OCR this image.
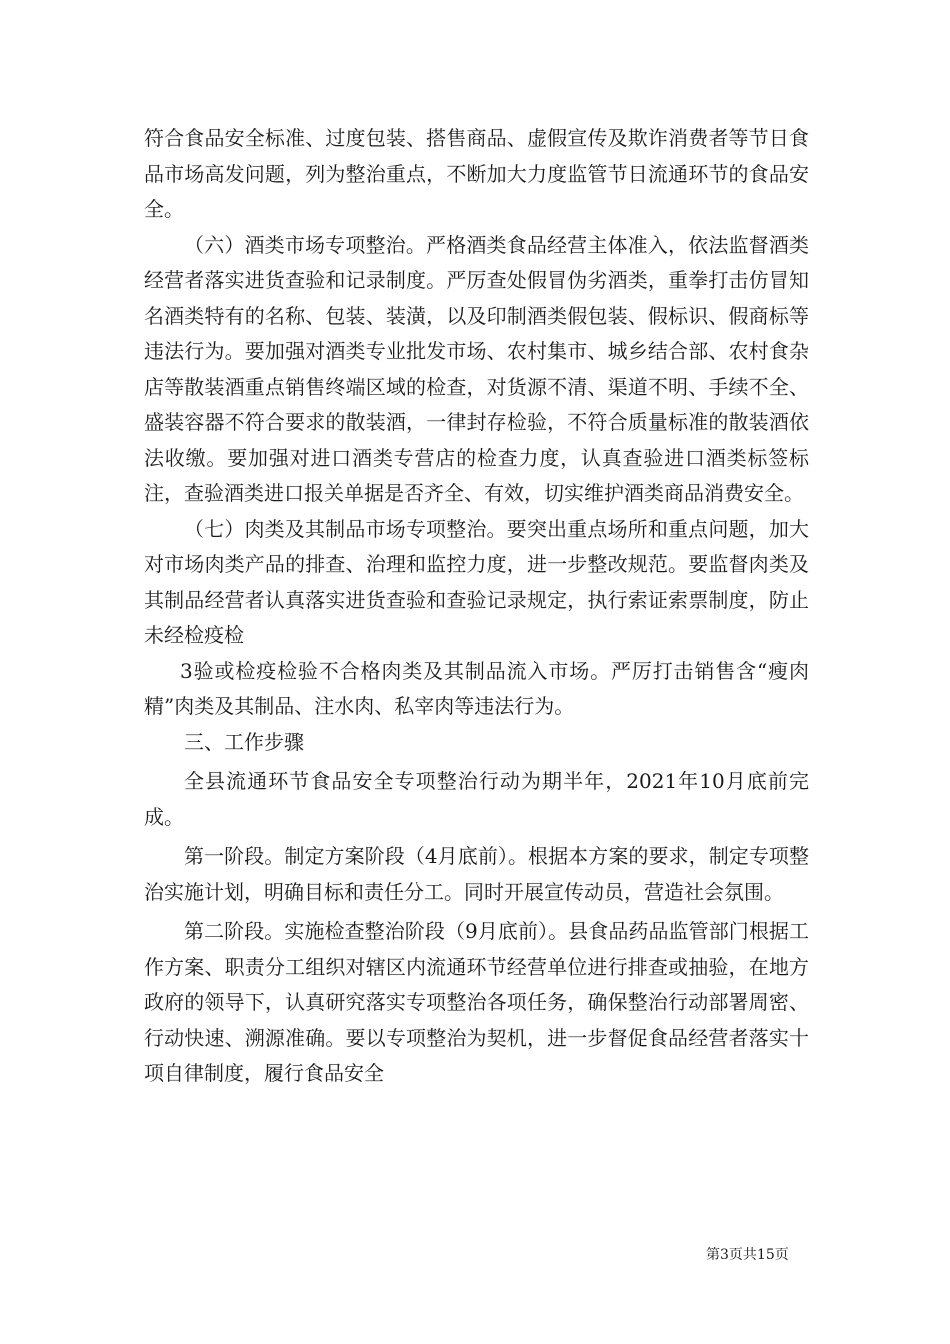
符合食品安全标准、过度包装、搭售商品、虚假宣传及欺诈消费者等节日食品市场高发问题，列为整治重点，不断加大力度监管节日流通环节的食品安全。

（六）酒类市场专项整治。严格酒类食品经营主体准入，依法监督酒类经营者落实进货查验和记录制度。严厉查处假冒伪劣酒类，重拳打击仿冒知名酒类特有的名称、包装、装潢，以及印制酒类假包装、假标识、假商标等违法行为。要加强对酒类专业批发市场、农村集市、城乡结合部、农村食杂店等散装酒重点销售终端区域的检查，对货源不清、渠道不明、手续不全、盛装容器不符合要求的散装酒，一律封存检验，不符合质量标准的散装酒依法收缴。要加强对进口酒类专营店的检查力度，认真查验进口酒类标签标注，查验酒类进口报关单据是否齐全、有效，切实维护酒类商品消费安全。

（七）肉类及其制品市场专项整治。要突出重点场所和重点问题，加大对市场肉类产品的排查、治理和监控力度，进一步整改规范。要监督肉类及其制品经营者认真落实进货查验和查验记录规定，执行索证索票制度，防止未经检疫检

3验或检疫检验不合格肉类及其制品流入市场。严厉打击销售含“瘦肉精”肉类及其制品、注水肉、私宰肉等违法行为。

三、工作步骤

全县流通环节食品安全专项整治行动为期半年，2021年10月底前完成。

第一阶段。制定方案阶段（4月底前）。根据本方案的要求，制定专项整治实施计划，明确目标和责任分工。同时开展宣传动员，营造社会氛围。

第二阶段。实施检查整治阶段（9月底前）。县食品药品监管部门根据工作方案、职责分工组织对辖区内流通环节经营单位进行排查或抽验，在地方政府的领导下，认真研究落实专项整治各项任务，确保整治行动部署周密、行动快速、溯源准确。要以专项整治为契机，进一步督促食品经营者落实十项自律制度，履行食品安全

第3页共15页
